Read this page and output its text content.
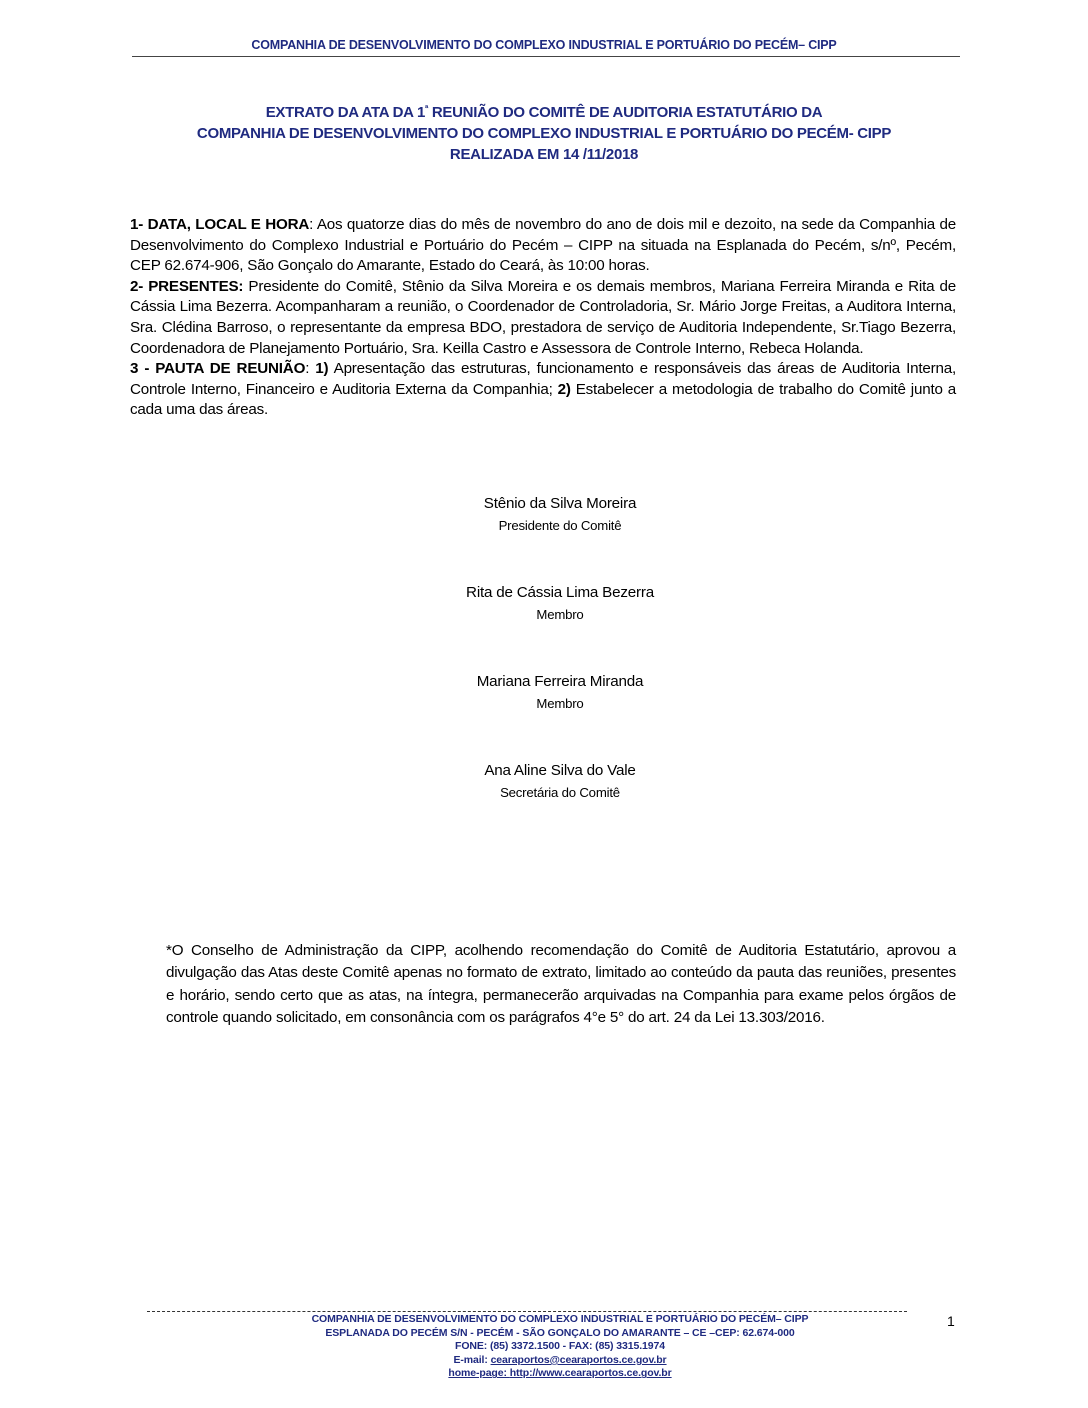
COMPANHIA DE DESENVOLVIMENTO DO COMPLEXO INDUSTRIAL E PORTUÁRIO DO PECÉM– CIPP
EXTRATO DA ATA DA $1^ª$ REUNIÃO DO COMITÊ DE AUDITORIA ESTATUTÁRIO DA
COMPANHIA DE DESENVOLVIMENTO DO COMPLEXO INDUSTRIAL E PORTUÁRIO DO PECÉM- CIPP
REALIZADA EM 14 /11/2018

1- DATA, LOCAL E HORA: Aos quatorze dias do mês de novembro do ano de dois mil e dezoito, na sede da Companhia de Desenvolvimento do Complexo Industrial e Portuário do Pecém – CIPP na situada na Esplanada do Pecém, s/nº, Pecém, CEP 62.674-906, São Gonçalo do Amarante, Estado do Ceará, às 10:00 horas.

2- PRESENTES: Presidente do Comitê, Stênio da Silva Moreira e os demais membros, Mariana Ferreira Miranda e Rita de Cássia Lima Bezerra. Acompanharam a reunião, o Coordenador de Controladoria, Sr. Mário Jorge Freitas, a Auditora Interna, Sra. Clédina Barroso, o representante da empresa BDO, prestadora de serviço de Auditoria Independente, Sr.Tiago Bezerra, Coordenadora de Planejamento Portuário, Sra. Keilla Castro e Assessora de Controle Interno, Rebeca Holanda.

3 - PAUTA DE REUNIÃO: 1) Apresentação das estruturas, funcionamento e responsáveis das áreas de Auditoria Interna, Controle Interno, Financeiro e Auditoria Externa da Companhia; 2) Estabelecer a metodologia de trabalho do Comitê junto a cada uma das áreas.

Stênio da Silva Moreira
Presidente do Comitê
Rita de Cássia Lima Bezerra
Membro
Mariana Ferreira Miranda
Membro
Ana Aline Silva do Vale
Secretária do Comitê
*O Conselho de Administração da CIPP, acolhendo recomendação do Comitê de Auditoria Estatutário, aprovou a divulgação das Atas deste Comitê apenas no formato de extrato, limitado ao conteúdo da pauta das reuniões, presentes e horário, sendo certo que as atas, na íntegra, permanecerão arquivadas na Companhia para exame pelos órgãos de controle quando solicitado, em consonância com os parágrafos 4°e 5° do art. 24 da Lei 13.303/2016.
COMPANHIA DE DESENVOLVIMENTO DO COMPLEXO INDUSTRIAL E PORTUÁRIO DO PECÉM– CIPP
ESPLANADA DO PECÉM S/N - PECÉM - SÃO GONÇALO DO AMARANTE – CE –CEP: 62.674-000
FONE: (85) 3372.1500 - FAX: (85) 3315.1974
E-mail: cearaportos@cearaportos.ce.gov.br
home-page: http://www.cearaportos.ce.gov.br
1
